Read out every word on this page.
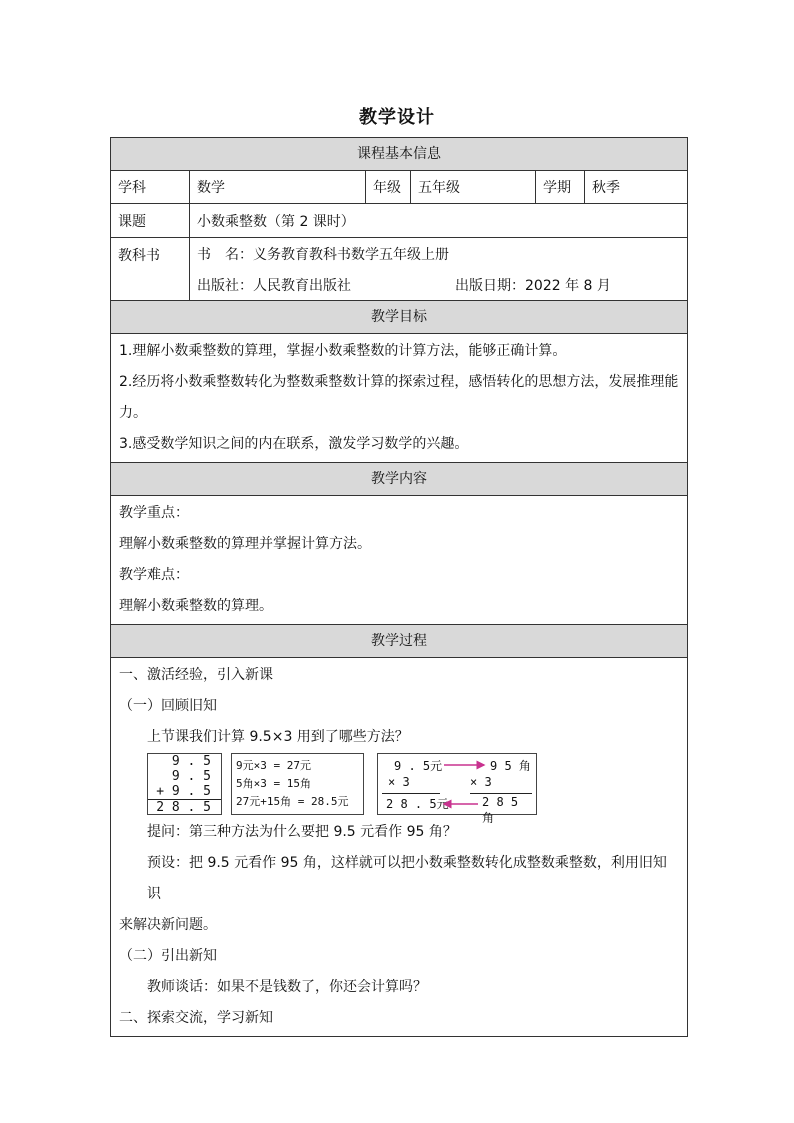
教学设计
课程基本信息
学科	数学	年级	五年级	学期	秋季
课题	小数乘整数（第 2 课时）
教科书	书　名：义务教育教科书数学五年级上册
出版社：人民教育出版社	出版日期：2022 年 8 月
教学目标
1.理解小数乘整数的算理，掌握小数乘整数的计算方法，能够正确计算。
2.经历将小数乘整数转化为整数乘整数计算的探索过程，感悟转化的思想方法，发展推理能
力。
3.感受数学知识之间的内在联系，激发学习数学的兴趣。
教学内容
教学重点：
理解小数乘整数的算理并掌握计算方法。
教学难点：
理解小数乘整数的算理。
教学过程
一、激活经验，引入新课
（一）回顾旧知
上节课我们计算 9.5×3 用到了哪些方法？
9 . 5
9 . 5
+ 9 . 5
2 8 . 5
9元×3 = 27元
5角×3 = 15角
27元+15角 = 28.5元
9 . 5元
× 3
2 8 . 5元
9 5 角
× 3
2 8 5 角
提问：第三种方法为什么要把 9.5 元看作 95 角？
预设：把 9.5 元看作 95 角，这样就可以把小数乘整数转化成整数乘整数，利用旧知识
来解决新问题。
（二）引出新知
教师谈话：如果不是钱数了，你还会计算吗？
二、探索交流，学习新知
